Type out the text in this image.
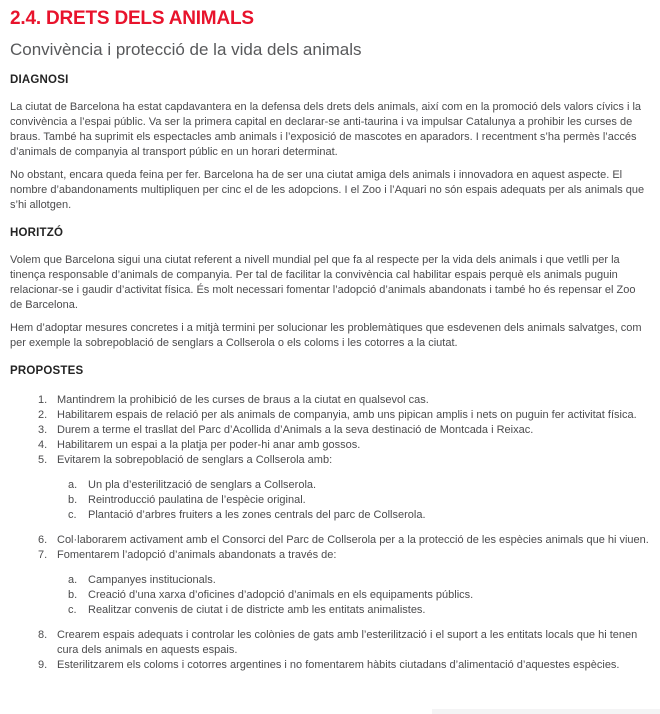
2.4. DRETS DELS ANIMALS
Convivència i protecció de la vida dels animals
DIAGNOSI

La ciutat de Barcelona ha estat capdavantera en la defensa dels drets dels animals, així com en la promoció dels valors cívics i la convivència a l’espai públic. Va ser la primera capital en declarar-se anti-taurina i va impulsar Catalunya a prohibir les curses de braus. També ha suprimit els espectacles amb animals i l’exposició de mascotes en aparadors. I recentment s’ha permès l’accés d’animals de companyia al transport públic en un horari determinat.

No obstant, encara queda feina per fer. Barcelona ha de ser una ciutat amiga dels animals i innovadora en aquest aspecte. El nombre d’abandonaments multipliquen per cinc el de les adopcions. I el Zoo i l’Aquari no són espais adequats per als animals que s’hi allotgen.

HORITZÓ

Volem que Barcelona sigui una ciutat referent a nivell mundial pel que fa al respecte per la vida dels animals i que vetlli per la tinença responsable d’animals de companyia. Per tal de facilitar la convivència cal habilitar espais perquè els animals puguin relacionar-se i gaudir d’activitat física. És molt necessari fomentar l’adopció d’animals abandonats i també ho és repensar el Zoo de Barcelona.

Hem d’adoptar mesures concretes i a mitjà termini per solucionar les problemàtiques que esdevenen dels animals salvatges, com per exemple la sobrepoblació de senglars a Collserola o els coloms i les cotorres a la ciutat.

PROPOSTES
1. Mantindrem la prohibició de les curses de braus a la ciutat en qualsevol cas.
2. Habilitarem espais de relació per als animals de companyia, amb uns pipican amplis i nets on puguin fer activitat física.
3. Durem a terme el trasllat del Parc d’Acollida d’Animals a la seva destinació de Montcada i Reixac.
4. Habilitarem un espai a la platja per poder-hi anar amb gossos.
5. Evitarem la sobrepoblació de senglars a Collserola amb:
a. Un pla d’esterilització de senglars a Collserola.
b. Reintroducció paulatina de l’espècie original.
c.	Plantació d’arbres fruiters a les zones centrals del parc de Collserola.
6. Col·laborarem activament amb el Consorci del Parc de Collserola per a la protecció de les espècies animals que hi viuen.
7. Fomentarem l’adopció d’animals abandonats a través de:
a. Campanyes institucionals.
b. Creació d’una xarxa d’oficines d’adopció d’animals en els equipaments públics.
c.	Realitzar convenis de ciutat i de districte amb les entitats animalistes.
8. Crearem espais adequats i controlar les colònies de gats amb l’esterilització i el suport a les entitats locals que hi tenen cura dels animals en aquests espais.
9. Esterilitzarem els coloms i cotorres argentines i no fomentarem hàbits ciutadans d’alimentació d’aquestes espècies.
